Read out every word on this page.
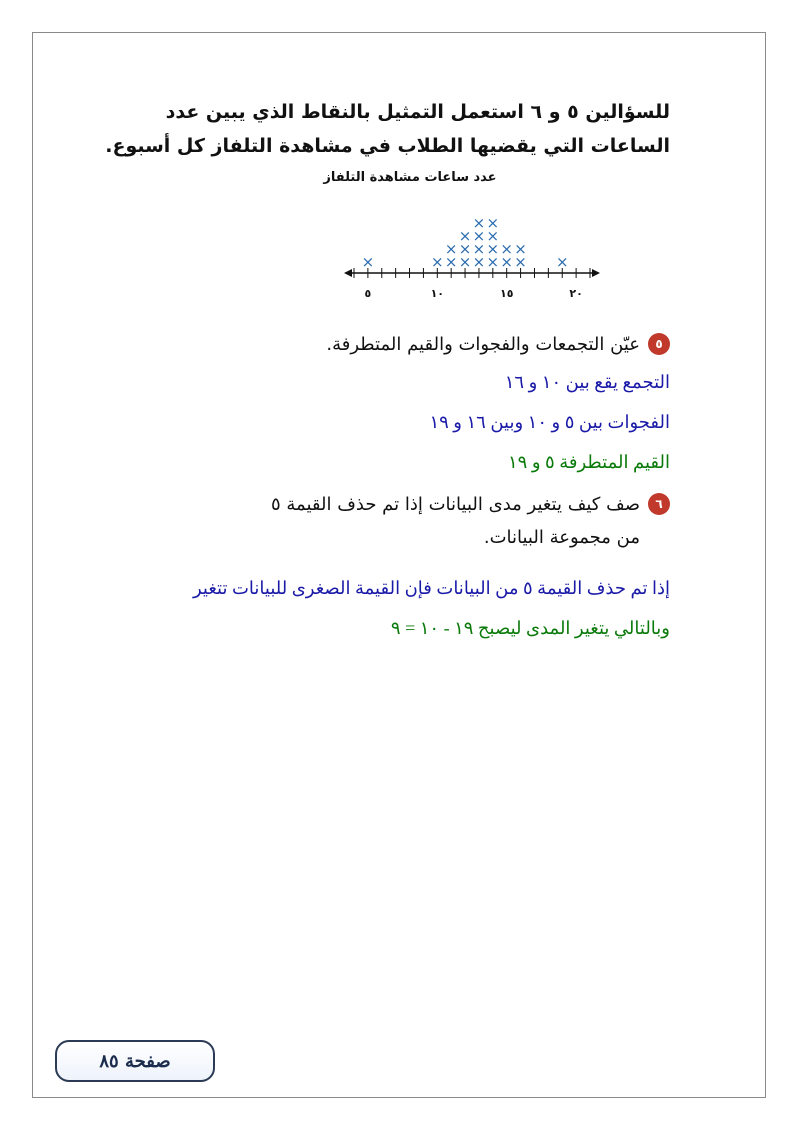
للسؤالين ٥ و ٦ استعمل التمثيل بالنقاط الذي يبين عدد
الساعات التي يقضيها الطلاب في مشاهدة التلفاز كل أسبوع.
عدد ساعات مشاهدة التلفاز
٥	١٠	١٥	٢٠
×	× ×
×
×
×
×
×
×
×
×
×
×
×
×
×
×
×
×
×
٥
عيّن التجمعات والفجوات والقيم المتطرفة.
التجمع يقع بين ١٠ و ١٦
الفجوات بين ٥ و ١٠ وبين ١٦ و ١٩
القيم المتطرفة ٥ و ١٩
٦
صف كيف يتغير مدى البيانات إذا تم حذف القيمة ٥
من مجموعة البيانات.
إذا تم حذف القيمة ٥ من البيانات فإن القيمة الصغرى للبيانات تتغير
وبالتالي يتغير المدى ليصبح ١٩ - ١٠ = ٩
صفحة ٨٥
